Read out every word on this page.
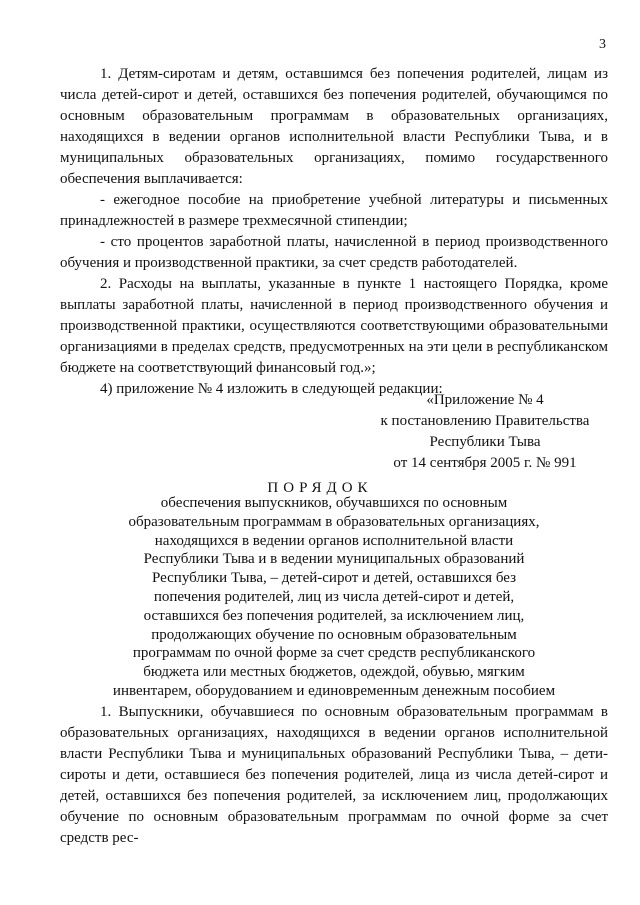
3

1. Детям-сиротам и детям, оставшимся без попечения родителей, лицам из числа детей-сирот и детей, оставшихся без попечения родителей, обучающимся по основным образовательным программам в образовательных организациях, находящихся в ведении органов исполнительной власти Республики Тыва, и в муниципальных образовательных организациях, помимо государственного обеспечения выплачивается:

- ежегодное пособие на приобретение учебной литературы и письменных принадлежностей в размере трехмесячной стипендии;

- сто процентов заработной платы, начисленной в период производственного обучения и производственной практики, за счет средств работодателей.

2. Расходы на выплаты, указанные в пункте 1 настоящего Порядка, кроме выплаты заработной платы, начисленной в период производственного обучения и производственной практики, осуществляются соответствующими образовательными организациями в пределах средств, предусмотренных на эти цели в республиканском бюджете на соответствующий финансовый год.»;

4) приложение № 4 изложить в следующей редакции:

«Приложение № 4
к постановлению Правительства
Республики Тыва
от 14 сентября 2005 г. № 991
ПОРЯДОК
обеспечения выпускников, обучавшихся по основным
образовательным программам в образовательных организациях,
находящихся в ведении органов исполнительной власти
Республики Тыва и в ведении муниципальных образований
Республики Тыва, – детей-сирот и детей, оставшихся без
попечения родителей, лиц из числа детей-сирот и детей,
оставшихся без попечения родителей, за исключением лиц,
продолжающих обучение по основным образовательным
программам по очной форме за счет средств республиканского
бюджета или местных бюджетов, одеждой, обувью, мягким
инвентарем, оборудованием и единовременным денежным пособием

1. Выпускники, обучавшиеся по основным образовательным программам в образовательных организациях, находящихся в ведении органов исполнительной власти Республики Тыва и муниципальных образований Республики Тыва, – дети-сироты и дети, оставшиеся без попечения родителей, лица из числа детей-сирот и детей, оставшихся без попечения родителей, за исключением лиц, продолжающих обучение по основным образовательным программам по очной форме за счет средств рес-
